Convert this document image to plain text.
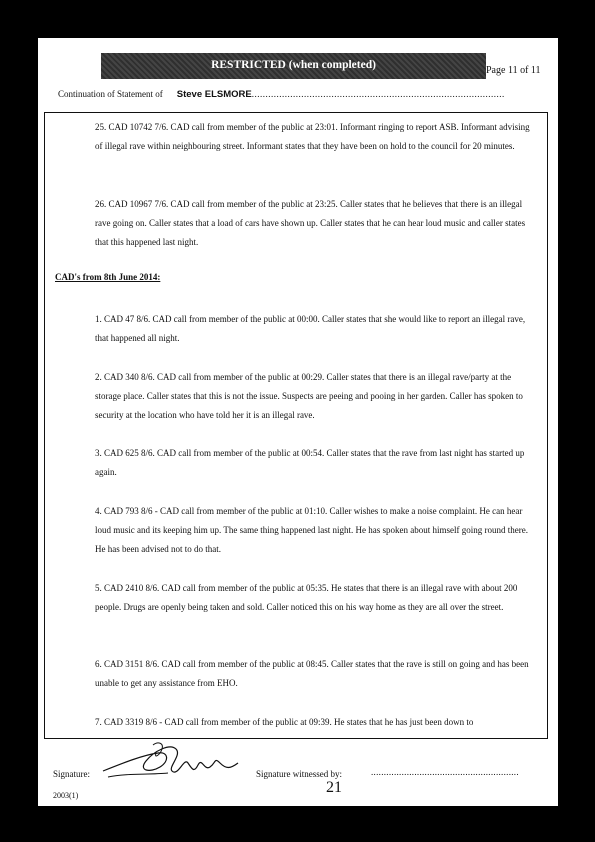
RESTRICTED (when completed)	Page 11 of 11
Continuation of Statement of Steve ELSMORE............................................................................................
25. CAD 10742 7/6. CAD call from member of the public at 23:01. Informant ringing to report ASB. Informant advising of illegal rave within neighbouring street. Informant states that they have been on hold to the council for 20 minutes.
26. CAD 10967 7/6. CAD call from member of the public at 23:25. Caller states that he believes that there is an illegal rave going on. Caller states that a load of cars have shown up. Caller states that he can hear loud music and caller states that this happened last night.
CAD's from 8th June 2014:
1. CAD 47 8/6. CAD call from member of the public at 00:00. Caller states that she would like to report an illegal rave, that happened all night.
2. CAD 340 8/6. CAD call from member of the public at 00:29. Caller states that there is an illegal rave/party at the storage place. Caller states that this is not the issue. Suspects are peeing and pooing in her garden. Caller has spoken to security at the location who have told her it is an illegal rave.
3. CAD 625 8/6. CAD call from member of the public at 00:54. Caller states that the rave from last night has started up again.
4. CAD 793 8/6 - CAD call from member of the public at 01:10. Caller wishes to make a noise complaint. He can hear loud music and its keeping him up. The same thing happened last night. He has spoken about himself going round there. He has been advised not to do that.
5. CAD 2410 8/6. CAD call from member of the public at 05:35. He states that there is an illegal rave with about 200 people. Drugs are openly being taken and sold. Caller noticed this on his way home as they are all over the street.
6. CAD 3151 8/6. CAD call from member of the public at 08:45. Caller states that the rave is still on going and has been unable to get any assistance from EHO.
7. CAD 3319 8/6 - CAD call from member of the public at 09:39. He states that he has just been down to
Signature:	Signature witnessed by:	..........................................................
2003(1)	21
